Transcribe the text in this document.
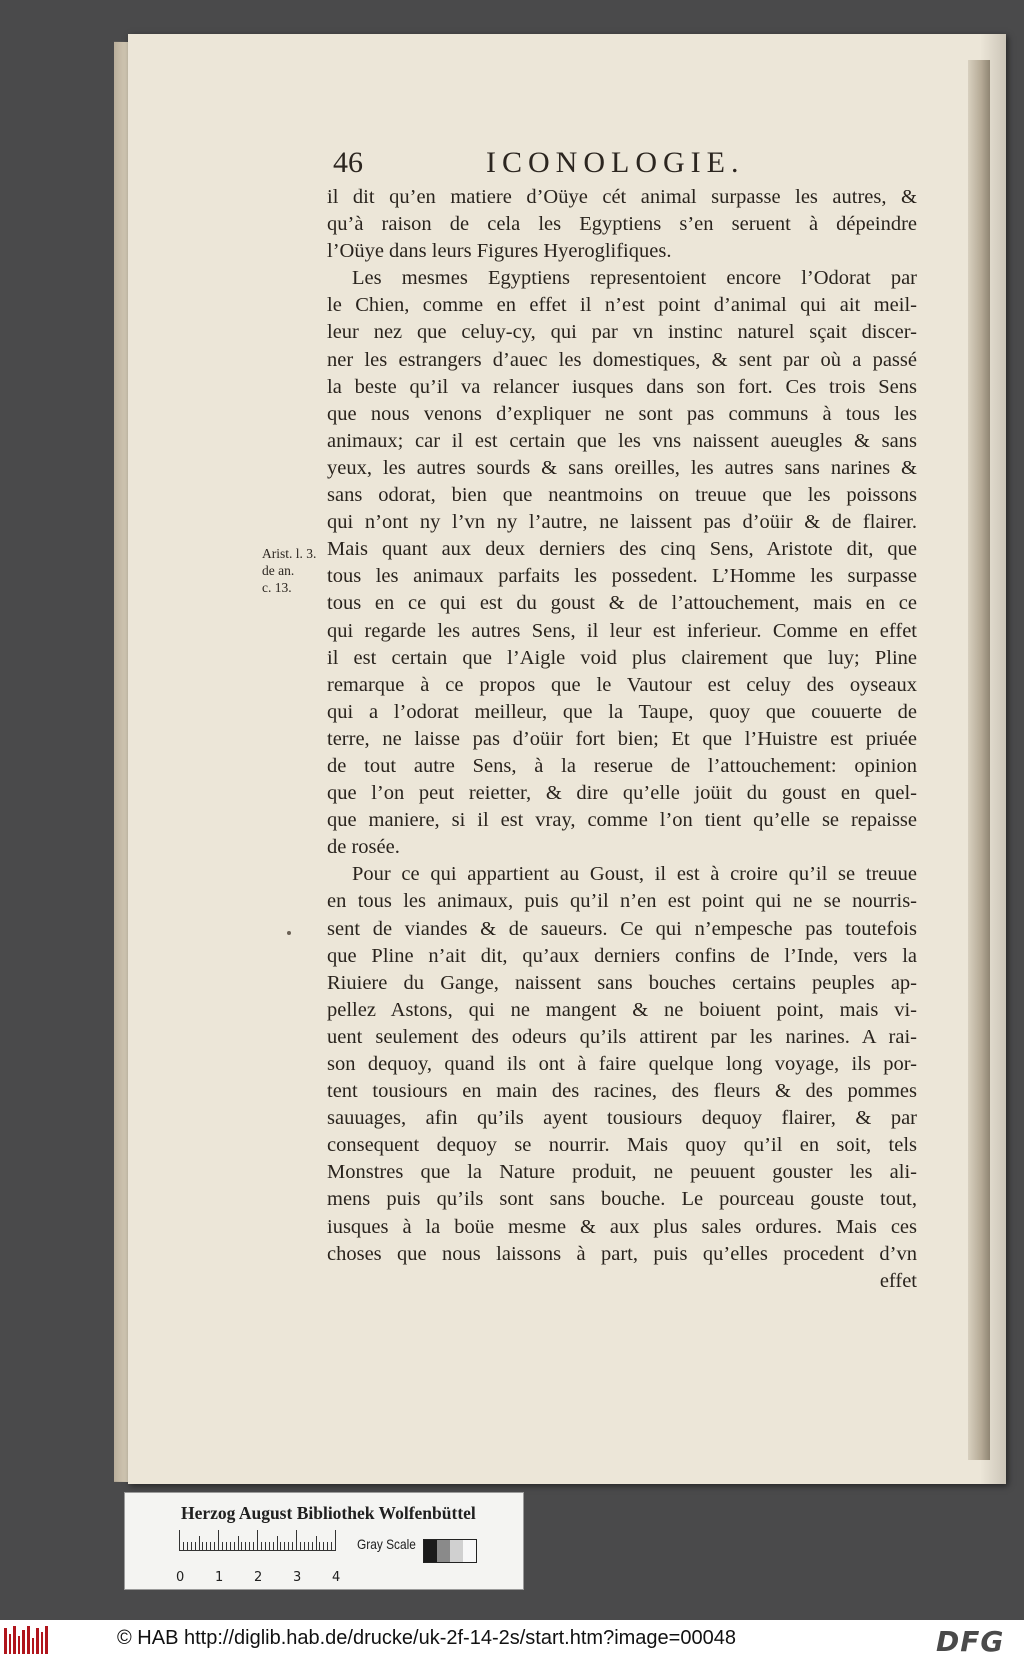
46	ICONOLOGIE.
Arist. l. 3.
de an.
c. 13.
il dit qu’en matiere d’Oüye cét animal surpasse les autres, &
qu’à raison de cela les Egyptiens s’en seruent à dépeindre
l’Oüye dans leurs Figures Hyeroglifiques.
Les mesmes Egyptiens representoient encore l’Odorat par
le Chien, comme en effet il n’est point d’animal qui ait meil-
leur nez que celuy-cy, qui par vn instinc naturel sçait discer-
ner les estrangers d’auec les domestiques, & sent par où a passé
la beste qu’il va relancer iusques dans son fort. Ces trois Sens
que nous venons d’expliquer ne sont pas communs à tous les
animaux; car il est certain que les vns naissent aueugles & sans
yeux, les autres sourds & sans oreilles, les autres sans narines &
sans odorat, bien que neantmoins on treuue que les poissons
qui n’ont ny l’vn ny l’autre, ne laissent pas d’oüir & de flairer.
Mais quant aux deux derniers des cinq Sens, Aristote dit, que
tous les animaux parfaits les possedent. L’Homme les surpasse
tous en ce qui est du goust & de l’attouchement, mais en ce
qui regarde les autres Sens, il leur est inferieur. Comme en effet
il est certain que l’Aigle void plus clairement que luy; Pline
remarque à ce propos que le Vautour est celuy des oyseaux
qui a l’odorat meilleur, que la Taupe, quoy que couuerte de
terre, ne laisse pas d’oüir fort bien; Et que l’Huistre est priuée
de tout autre Sens, à la reserue de l’attouchement: opinion
que l’on peut reietter, & dire qu’elle joüit du goust en quel-
que maniere, si il est vray, comme l’on tient qu’elle se repaisse
de rosée.
Pour ce qui appartient au Goust, il est à croire qu’il se treuue
en tous les animaux, puis qu’il n’en est point qui ne se nourris-
sent de viandes & de saueurs. Ce qui n’empesche pas toutefois
que Pline n’ait dit, qu’aux derniers confins de l’Inde, vers la
Riuiere du Gange, naissent sans bouches certains peuples ap-
pellez Astons, qui ne mangent & ne boiuent point, mais vi-
uent seulement des odeurs qu’ils attirent par les narines. A rai-
son dequoy, quand ils ont à faire quelque long voyage, ils por-
tent tousiours en main des racines, des fleurs & des pommes
sauuages, afin qu’ils ayent tousiours dequoy flairer, & par
consequent dequoy se nourrir. Mais quoy qu’il en soit, tels
Monstres que la Nature produit, ne peuuent gouster les ali-
mens puis qu’ils sont sans bouche. Le pourceau gouste tout,
iusques à la boüe mesme & aux plus sales ordures. Mais ces
choses que nous laissons à part, puis qu’elles procedent d’vn
effet
Herzog August Bibliothek Wolfenbüttel
0 1 2 3 4
Gray Scale
© HAB http://diglib.hab.de/drucke/uk-2f-14-2s/start.htm?image=00048	DFG
